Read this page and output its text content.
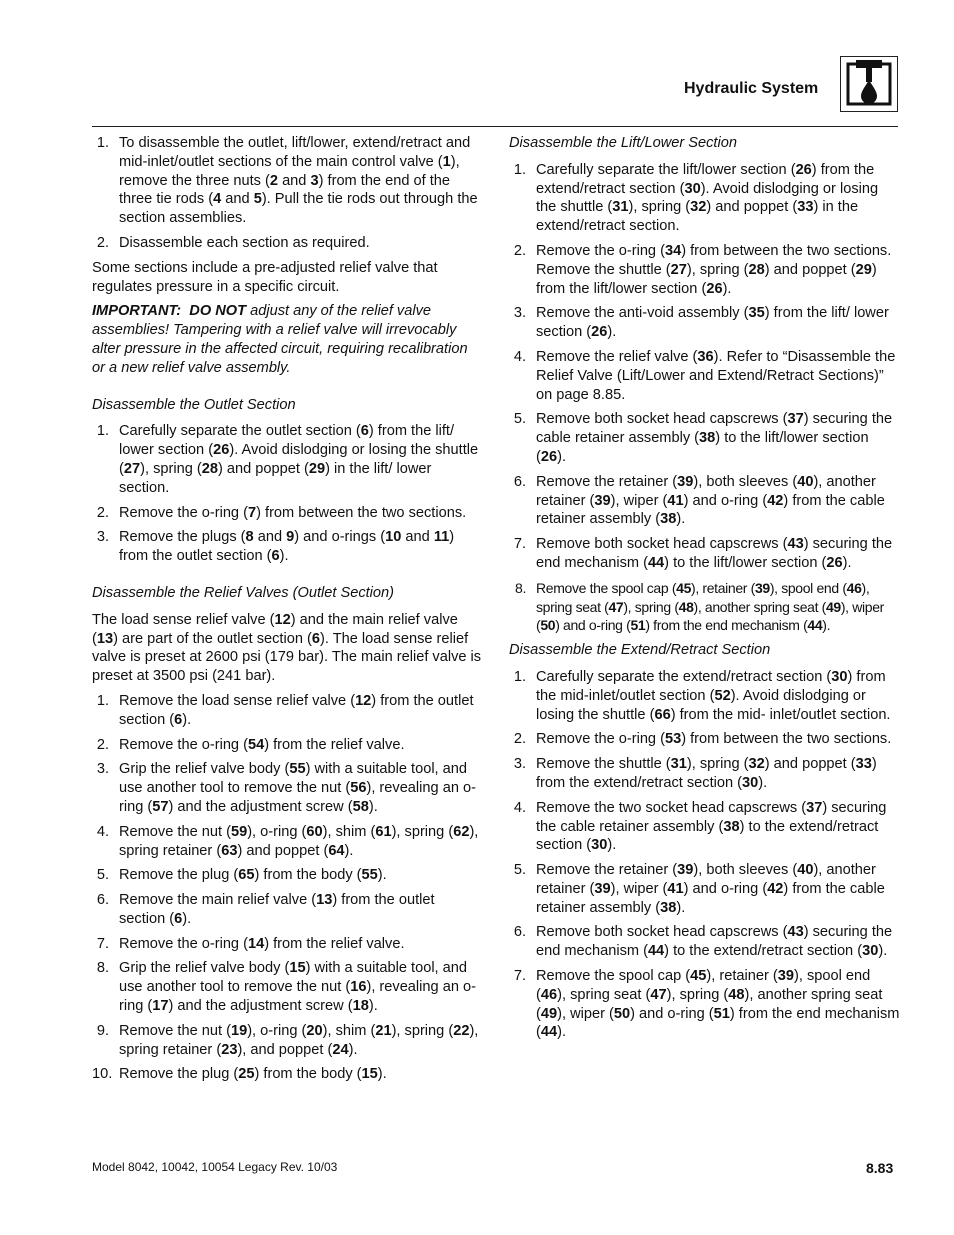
Hydraulic System
1. To disassemble the outlet, lift/lower, extend/retract and mid-inlet/outlet sections of the main control valve (1), remove the three nuts (2 and 3) from the end of the three tie rods (4 and 5). Pull the tie rods out through the section assemblies.
2. Disassemble each section as required.

Some sections include a pre-adjusted relief valve that regulates pressure in a specific circuit.

IMPORTANT:  DO NOT adjust any of the relief valve assemblies! Tampering with a relief valve will irrevocably alter pressure in the affected circuit, requiring recalibration or a new relief valve assembly.

Disassemble the Outlet Section
1. Carefully separate the outlet section (6) from the lift/ lower section (26). Avoid dislodging or losing the shuttle (27), spring (28) and poppet (29) in the lift/ lower section.
2. Remove the o-ring (7) from between the two sections.
3. Remove the plugs (8 and 9) and o-rings (10 and 11) from the outlet section (6).
Disassemble the Relief Valves (Outlet Section)

The load sense relief valve (12) and the main relief valve (13) are part of the outlet section (6). The load sense relief valve is preset at 2600 psi (179 bar). The main relief valve is preset at 3500 psi (241 bar).

1. Remove the load sense relief valve (12) from the outlet section (6).
2. Remove the o-ring (54) from the relief valve.
3. Grip the relief valve body (55) with a suitable tool, and use another tool to remove the nut (56), revealing an o-ring (57) and the adjustment screw (58).
4. Remove the nut (59), o-ring (60), shim (61), spring (62), spring retainer (63) and poppet (64).
5. Remove the plug (65) from the body (55).
6. Remove the main relief valve (13) from the outlet section (6).
7. Remove the o-ring (14) from the relief valve.
8. Grip the relief valve body (15) with a suitable tool, and use another tool to remove the nut (16), revealing an o-ring (17) and the adjustment screw (18).
9. Remove the nut (19), o-ring (20), shim (21), spring (22), spring retainer (23), and poppet (24).
10. Remove the plug (25) from the body (15).
Disassemble the Lift/Lower Section
1. Carefully separate the lift/lower section (26) from the extend/retract section (30). Avoid dislodging or losing the shuttle (31), spring (32) and poppet (33) in the extend/retract section.
2. Remove the o-ring (34) from between the two sections. Remove the shuttle (27), spring (28) and poppet (29) from the lift/lower section (26).
3. Remove the anti-void assembly (35) from the lift/ lower section (26).
4. Remove the relief valve (36). Refer to “Disassemble the Relief Valve (Lift/Lower and Extend/Retract Sections)” on page 8.85.
5. Remove both socket head capscrews (37) securing the cable retainer assembly (38) to the lift/lower section (26).
6. Remove the retainer (39), both sleeves (40), another retainer (39), wiper (41) and o-ring (42) from the cable retainer assembly (38).
7. Remove both socket head capscrews (43) securing the end mechanism (44) to the lift/lower section (26).
8. Remove the spool cap (45), retainer (39), spool end (46), spring seat (47), spring (48), another spring seat (49), wiper (50) and o-ring (51) from the end mechanism (44).
Disassemble the Extend/Retract Section
1. Carefully separate the extend/retract section (30) from the mid-inlet/outlet section (52). Avoid dislodging or losing the shuttle (66) from the mid- inlet/outlet section.
2. Remove the o-ring (53) from between the two sections.
3. Remove the shuttle (31), spring (32) and poppet (33) from the extend/retract section (30).
4. Remove the two socket head capscrews (37) securing the cable retainer assembly (38) to the extend/retract section (30).
5. Remove the retainer (39), both sleeves (40), another retainer (39), wiper (41) and o-ring (42) from the cable retainer assembly (38).
6. Remove both socket head capscrews (43) securing the end mechanism (44) to the extend/retract section (30).
7. Remove the spool cap (45), retainer (39), spool end (46), spring seat (47), spring (48), another spring seat (49), wiper (50) and o-ring (51) from the end mechanism (44).
Model 8042, 10042, 10054 Legacy Rev. 10/03	8.83
